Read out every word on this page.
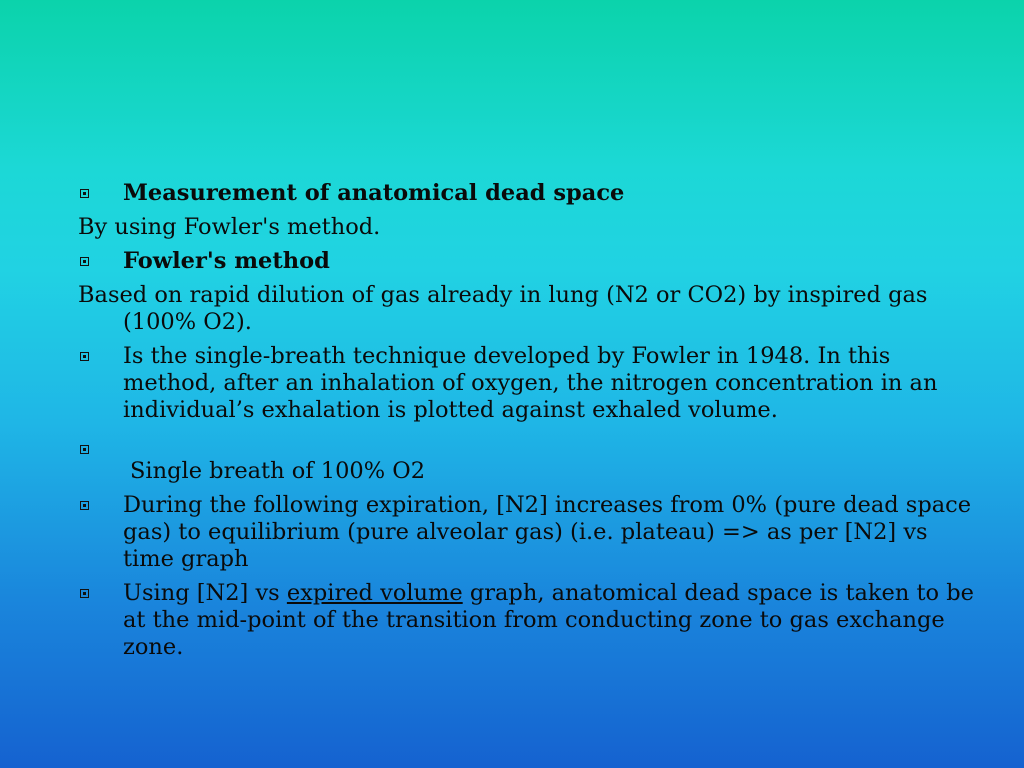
Measurement of anatomical dead space

By using Fowler's method.

Fowler's method

Based on rapid dilution of gas already in lung (N2 or CO2) by inspired gas (100% O2).

Is the single-breath technique developed by Fowler in 1948. In this method, after an inhalation of oxygen, the nitrogen concentration in an individual’s exhalation is plotted against exhaled volume.

Single breath of 100% O2

During the following expiration, [N2] increases from 0% (pure dead space gas) to equilibrium (pure alveolar gas) (i.e. plateau) => as per [N2] vs time graph

Using [N2] vs expired volume graph, anatomical dead space is taken to be at the mid-point of the transition from conducting zone to gas exchange zone.
